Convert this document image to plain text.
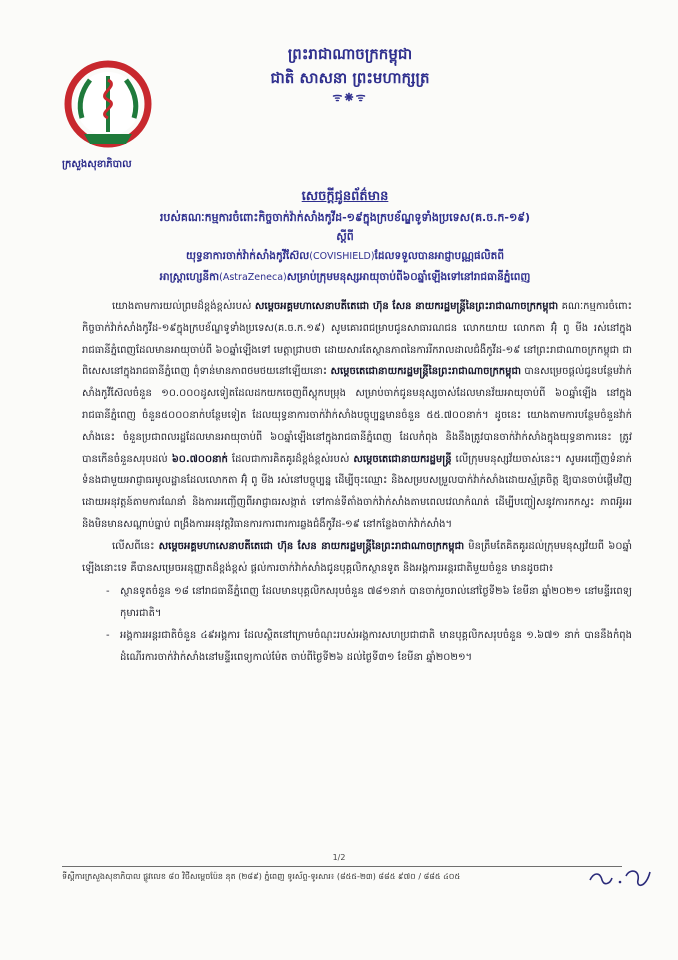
ក្រសួងសុខាភិបាល
ព្រះរាជាណាចក្រកម្ពុជា
ជាតិ សាសនា ព្រះមហាក្សត្រ
ᯤ❋ᯤ
សេចក្តីជូនព័ត៌មាន
របស់គណៈកម្មការចំពោះកិច្ចចាក់វ៉ាក់សាំងកូវីដ-១៩ក្នុងក្របខ័ណ្ឌទូទាំងប្រទេស(គ.ច.ក-១៩)
ស្តីពី
យុទ្ធនាការចាក់វ៉ាក់សាំងកូវីស៊ែល(COVISHIELD)ដែលទទួលបានអាជ្ញាបណ្ណផលិតពី
អាស្ត្រាហ្សេនីកា(AstraZeneca)សម្រាប់ក្រុមមនុស្សអាយុចាប់ពី៦០ឆ្នាំឡើងទៅនៅរាជធានីភ្នំពេញ

យោងតាមការយល់ព្រមដ៏ខ្ពង់ខ្ពស់របស់ សម្តេចអគ្គមហាសេនាបតីតេជោ ហ៊ុន សែន នាយករដ្ឋមន្ត្រីនៃព្រះរាជាណាចក្រកម្ពុជា គណៈកម្មការចំពោះកិច្ចចាក់វ៉ាក់សាំងកូវីដ-១៩ក្នុងក្របខ័ណ្ឌទូទាំងប្រទេស(គ.ច.ក.១៩) សូមគោរពជម្រាបជូនសាធារណជន លោកយាយ លោកតា អ៊ុំ ពូ មីង រស់នៅក្នុងរាជធានីភ្នំពេញដែលមានអាយុចាប់ពី ៦០ឆ្នាំឡើងទៅ មេត្តាជ្រាបថា ដោយសារតែស្ថានភាពនៃការរីករាលដាលជំងឺកូវីដ-១៩ នៅព្រះរាជាណាចក្រកម្ពុជា ជាពិសេសនៅក្នុងរាជធានីភ្នំពេញ ពុំទាន់មានភាពថមថយនៅឡើយនោះ សម្តេចតេជោនាយករដ្ឋមន្ត្រីនៃព្រះរាជាណាចក្រកម្ពុជា បានសម្រេចផ្តល់ជូនបន្ថែមវ៉ាក់សាំងកូវីស៊ែលចំនួន ១០.០០០ដូសទៀតដែលដកយកចេញពីស្តុកបម្រុង សម្រាប់ចាក់ជូនមនុស្សចាស់ដែលមានវ័យអាយុចាប់ពី ៦០ឆ្នាំឡើង នៅក្នុងរាជធានីភ្នំពេញ ចំនួន៥០០០នាក់បន្ថែមទៀត ដែលយុទ្ធនាការចាក់វ៉ាក់សាំងបច្ចុប្បន្នមានចំនួន ៥៥.៧០០នាក់។ ដូចនេះ យោងតាមការបន្ថែមចំនួនវ៉ាក់សាំងនេះ ចំនួនប្រជាពលរដ្ឋដែលមានអាយុចាប់ពី ៦០ឆ្នាំឡើងនៅក្នុងរាជធានីភ្នំពេញ ដែលកំពុង និងនឹងត្រូវបានចាក់វ៉ាក់សាំងក្នុងយុទ្ធនាការនេះ ត្រូវបានកើនចំនួនសរុបដល់ ៦០.៧០០នាក់ ដែលជាការគិតគូរដ៏ខ្ពង់ខ្ពស់របស់ សម្តេចតេជោនាយករដ្ឋមន្ត្រី លើក្រុមមនុស្សវ័យចាស់នេះ។ សូមអញ្ជើញទំនាក់ទំនងជាមួយអាជ្ញាធរមូលដ្ឋានដែលលោកតា អ៊ុំ ពូ មីង រស់នៅបច្ចុប្បន្ន ដើម្បីចុះឈ្មោះ និងសម្របសម្រួលបាក់វ៉ាក់សាំងដោយស្ម័គ្រចិត្ត ឱ្យបានចាប់ផ្តើមវិញ ដោយអនុវត្តន៍តាមការណែនាំ និងការអញ្ជើញពីអាជ្ញាធរសង្កាត់ ទៅកាន់ទីតាំងចាក់វ៉ាក់សាំងតាមពេលវេលាកំណត់ ដើម្បីបញ្ចៀសនូវការកកស្ទះ ភាពអ៊ូអរ និងមិនមានសណ្តាប់ធ្នាប់ ពង្រឹងការអនុវត្តវិធានការការពារការឆ្លងជំងឺកូវីដ-១៩ នៅកន្លែងចាក់វ៉ាក់សាំង។

លើសពីនេះ សម្តេចអគ្គមហាសេនាបតីតេជោ ហ៊ុន សែន នាយករដ្ឋមន្ត្រីនៃព្រះរាជាណាចក្រកម្ពុជា មិនត្រឹមតែគិតគូរដល់ក្រុមមនុស្សវ័យពី ៦០ឆ្នាំឡើងនោះទេ គឺបានសម្រេចអនុញ្ញាតដ៏ខ្ពង់ខ្ពស់ ផ្តល់ការចាក់វ៉ាក់សាំងជូនបុគ្គលិកស្ថានទូត និងអង្គការអន្តរជាតិមួយចំនួន មានដូចជា៖

- ស្ថានទូតចំនួន ១៨ នៅរាជធានីភ្នំពេញ ដែលមានបុគ្គលិកសរុបចំនួន ៧៨១នាក់ បានចាក់រួចរាល់នៅថ្ងៃទី២៦ ខែមីនា ឆ្នាំ២០២១ នៅមន្ទីរពេទ្យកុមារជាតិ។
- អង្គការអន្តរជាតិចំនួន ៤៩អង្គការ ដែលស្ថិតនៅក្រោមចំណុះរបស់អង្គការសហប្រជាជាតិ មានបុគ្គលិកសរុបចំនួន ១.៦៧១ នាក់ បាននឹងកំពុងដំណើរការចាក់វ៉ាក់សាំងនៅមន្ទីរពេទ្យកាល់ម៉ែត ចាប់ពីថ្ងៃទី២៦ ដល់ថ្ងៃទី៣១ ខែមីនា ឆ្នាំ២០២១។
1/2
ទីស្តីការក្រសួងសុខាភិបាល ផ្លូវលេខ ៨០ វិថីសម្តេចប៉ែន នុត (២៨៩) ភ្នំពេញ ទូរស័ព្ទ-ទូរសារ៖ (៨៥៥-២៣) ៨៨៥ ៩៧០ / ៨៨៥ ៤០៥
